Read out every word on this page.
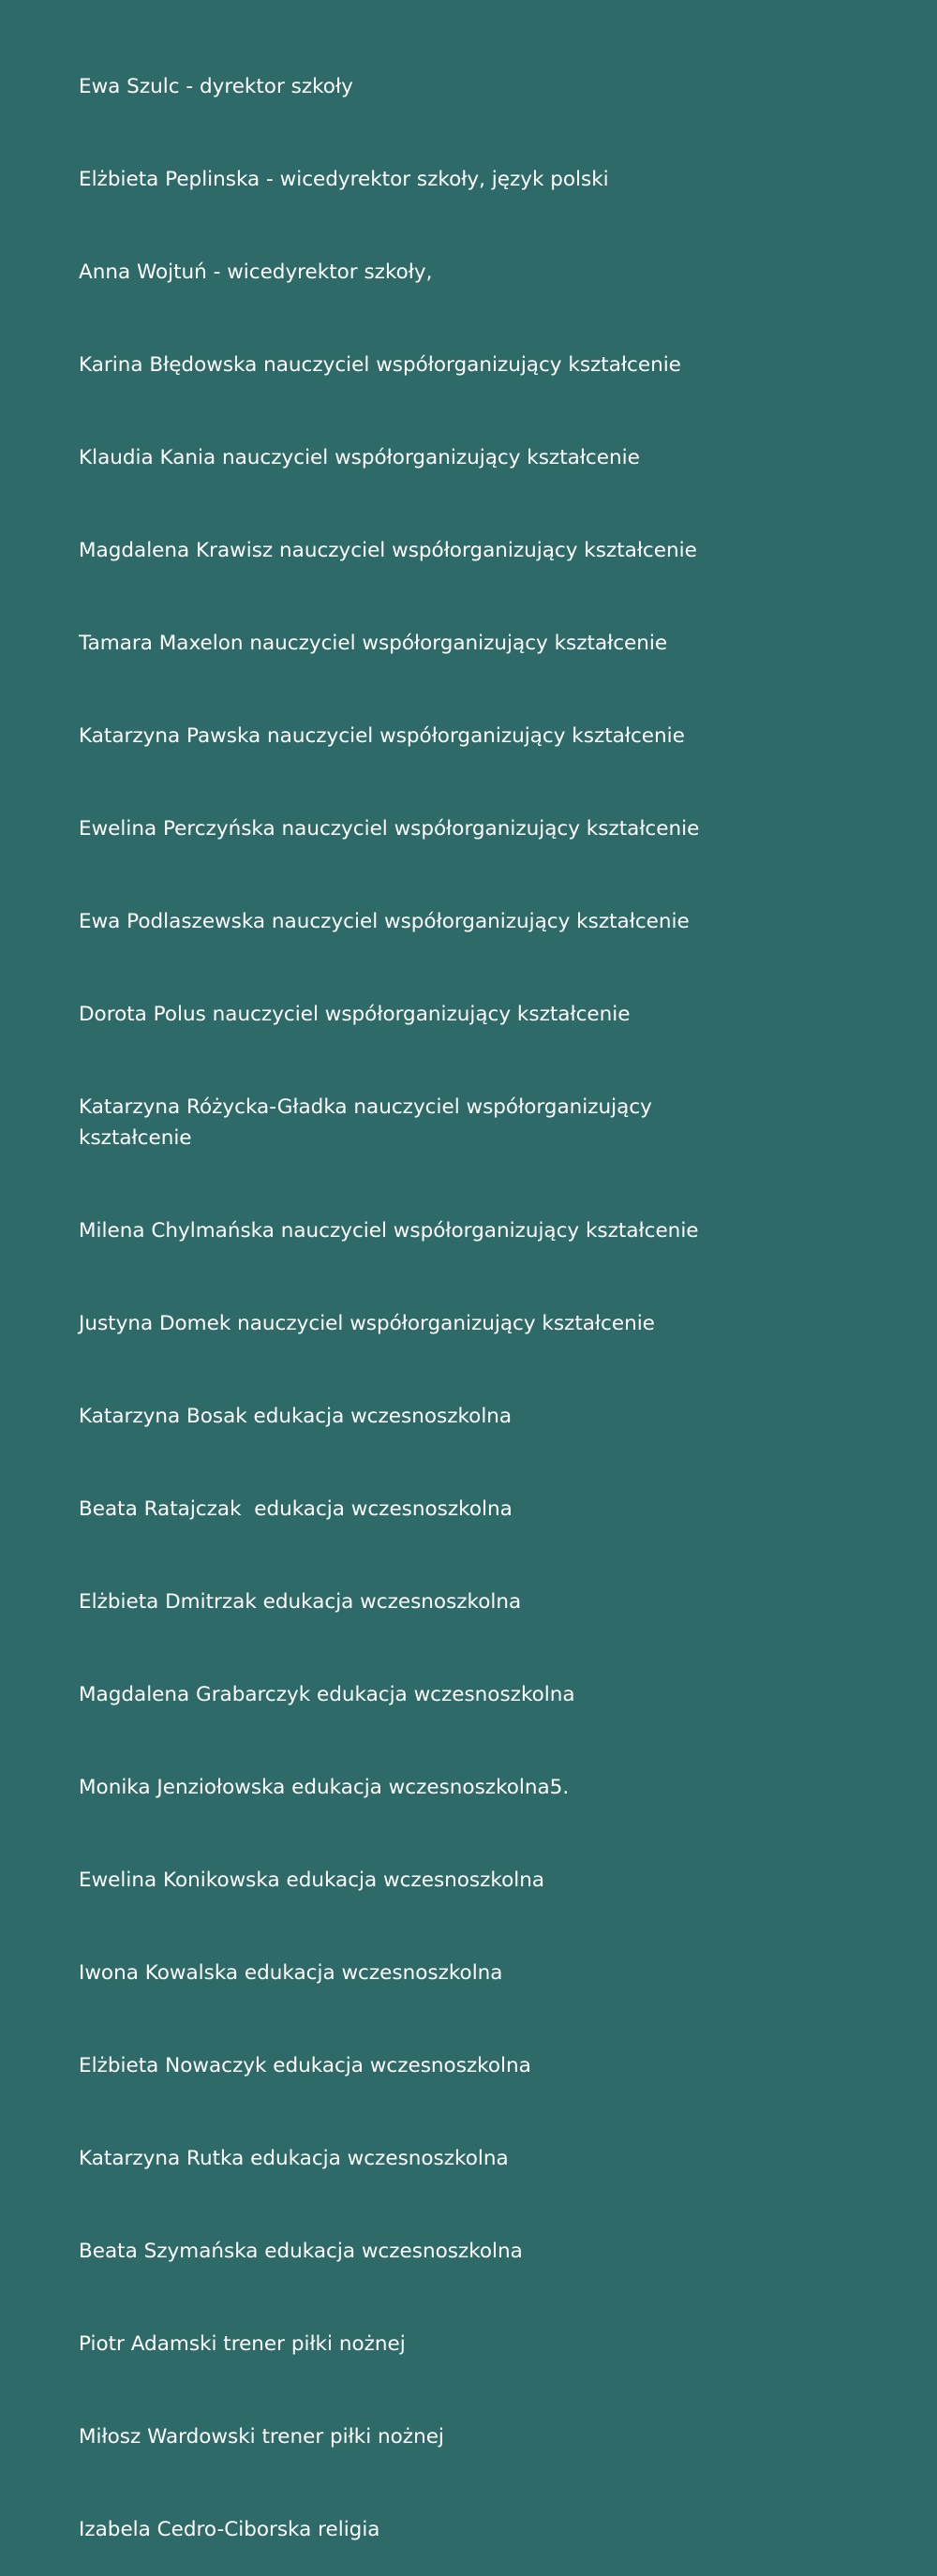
Ewa Szulc - dyrektor szkoły

Elżbieta Peplinska - wicedyrektor szkoły, język polski

Anna Wojtuń - wicedyrektor szkoły,

Karina Błędowska nauczyciel współorganizujący kształcenie

Klaudia Kania nauczyciel współorganizujący kształcenie

Magdalena Krawisz nauczyciel współorganizujący kształcenie

Tamara Maxelon nauczyciel współorganizujący kształcenie

Katarzyna Pawska nauczyciel współorganizujący kształcenie

Ewelina Perczyńska nauczyciel współorganizujący kształcenie

Ewa Podlaszewska nauczyciel współorganizujący kształcenie

Dorota Polus nauczyciel współorganizujący kształcenie

Katarzyna Różycka-Gładka nauczyciel współorganizujący kształcenie

Milena Chylmańska nauczyciel współorganizujący kształcenie

Justyna Domek nauczyciel współorganizujący kształcenie

Katarzyna Bosak edukacja wczesnoszkolna

Beata Ratajczak  edukacja wczesnoszkolna

Elżbieta Dmitrzak edukacja wczesnoszkolna

Magdalena Grabarczyk edukacja wczesnoszkolna

Monika Jenziołowska edukacja wczesnoszkolna5.

Ewelina Konikowska edukacja wczesnoszkolna

Iwona Kowalska edukacja wczesnoszkolna

Elżbieta Nowaczyk edukacja wczesnoszkolna

Katarzyna Rutka edukacja wczesnoszkolna

Beata Szymańska edukacja wczesnoszkolna

Piotr Adamski trener piłki nożnej

Miłosz Wardowski trener piłki nożnej

Izabela Cedro-Ciborska religia
